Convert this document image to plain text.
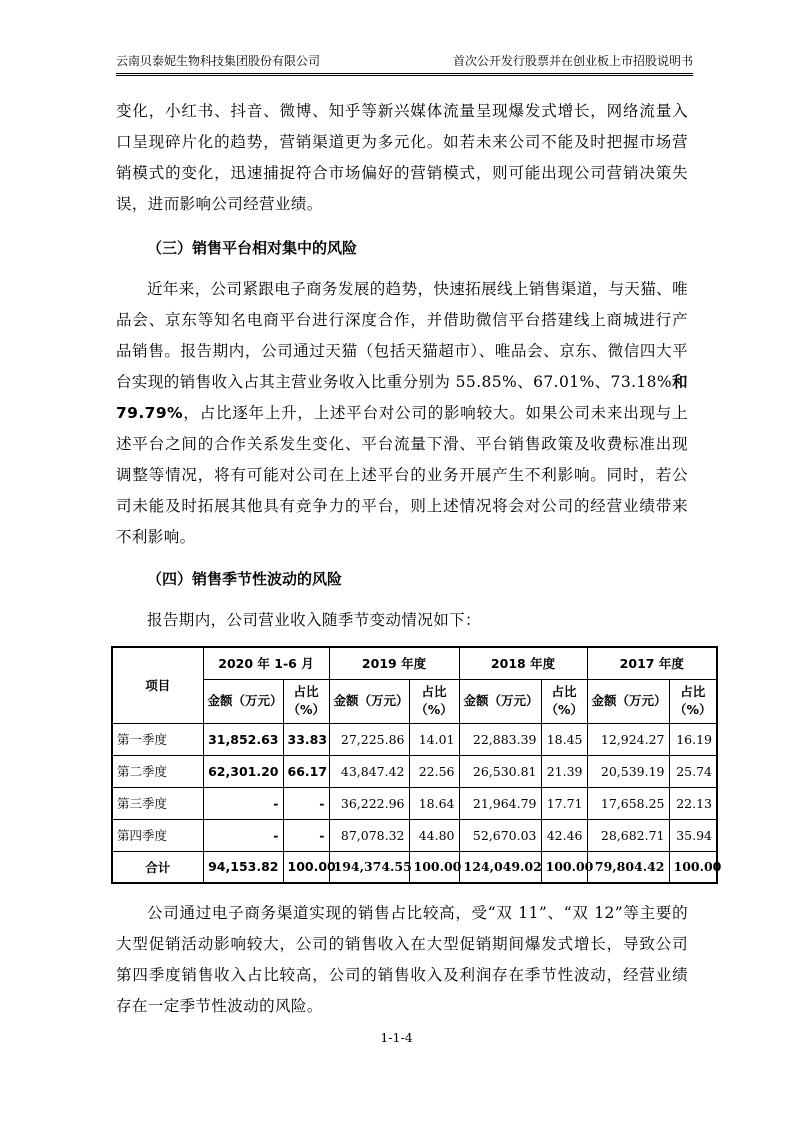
云南贝泰妮生物科技集团股份有限公司	首次公开发行股票并在创业板上市招股说明书

变化，小红书、抖音、微博、知乎等新兴媒体流量呈现爆发式增长，网络流量入口呈现碎片化的趋势，营销渠道更为多元化。如若未来公司不能及时把握市场营销模式的变化，迅速捕捉符合市场偏好的营销模式，则可能出现公司营销决策失误，进而影响公司经营业绩。

（三）销售平台相对集中的风险

近年来，公司紧跟电子商务发展的趋势，快速拓展线上销售渠道，与天猫、唯品会、京东等知名电商平台进行深度合作，并借助微信平台搭建线上商城进行产品销售。报告期内，公司通过天猫（包括天猫超市）、唯品会、京东、微信四大平台实现的销售收入占其主营业务收入比重分别为 55.85%、67.01%、73.18%和 79.79%，占比逐年上升，上述平台对公司的影响较大。如果公司未来出现与上述平台之间的合作关系发生变化、平台流量下滑、平台销售政策及收费标准出现调整等情况，将有可能对公司在上述平台的业务开展产生不利影响。同时，若公司未能及时拓展其他具有竞争力的平台，则上述情况将会对公司的经营业绩带来不利影响。

（四）销售季节性波动的风险

报告期内，公司营业收入随季节变动情况如下：

项目	2020 年 1-6 月		2019 年度		2018 年度		2017 年度	
	金额（万元）	占比（%）	金额（万元）	占比（%）	金额（万元）	占比（%）	金额（万元）	占比（%）
第一季度	31,852.63	33.83	27,225.86	14.01	22,883.39	18.45	12,924.27	16.19
第二季度	62,301.20	66.17	43,847.42	22.56	26,530.81	21.39	20,539.19	25.74
第三季度	-	-	36,222.96	18.64	21,964.79	17.71	17,658.25	22.13
第四季度	-	-	87,078.32	44.80	52,670.03	42.46	28,682.71	35.94
合计	94,153.82	100.00	194,374.55	100.00	124,049.02	100.00	79,804.42	100.00

公司通过电子商务渠道实现的销售占比较高，受“双 11”、“双 12”等主要的大型促销活动影响较大，公司的销售收入在大型促销期间爆发式增长，导致公司第四季度销售收入占比较高，公司的销售收入及利润存在季节性波动，经营业绩存在一定季节性波动的风险。

1-1-4
